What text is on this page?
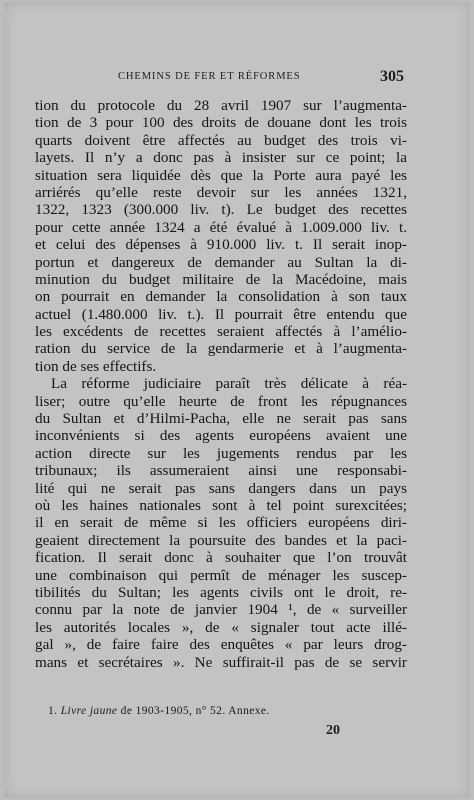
CHEMINS DE FER ET RÉFORMES	305
tion du protocole du 28 avril 1907 sur l’augmenta-
tion de 3 pour 100 des droits de douane dont les trois
quarts doivent être affectés au budget des trois vi-
layets. Il n’y a donc pas à insister sur ce point; la
situation sera liquidée dès que la Porte aura payé les
arriérés qu’elle reste devoir sur les années 1321,
1322, 1323 (300.000 liv. t). Le budget des recettes
pour cette année 1324 a été évalué à 1.009.000 liv. t.
et celui des dépenses à 910.000 liv. t. Il serait inop-
portun et dangereux de demander au Sultan la di-
minution du budget militaire de la Macédoine, mais
on pourrait en demander la consolidation à son taux
actuel (1.480.000 liv. t.). Il pourrait être entendu que
les excédents de recettes seraient affectés à l’amélio-
ration du service de la gendarmerie et à l’augmenta-
tion de ses effectifs.
La réforme judiciaire paraît très délicate à réa-
liser; outre qu’elle heurte de front les répugnances
du Sultan et d’Hilmi-Pacha, elle ne serait pas sans
inconvénients si des agents européens avaient une
action directe sur les jugements rendus par les
tribunaux; ils assumeraient ainsi une responsabi-
lité qui ne serait pas sans dangers dans un pays
où les haines nationales sont à tel point surexcitées;
il en serait de même si les officiers européens diri-
geaient directement la poursuite des bandes et la paci-
fication. Il serait donc à souhaiter que l’on trouvât
une combinaison qui permît de ménager les suscep-
tibilités du Sultan; les agents civils ont le droit, re-
connu par la note de janvier 1904 ¹, de « surveiller
les autorités locales », de « signaler tout acte illé-
gal », de faire faire des enquêtes « par leurs drog-
mans et secrétaires ». Ne suffirait-il pas de se servir
1. Livre jaune de 1903-1905, n° 52. Annexe.
20
